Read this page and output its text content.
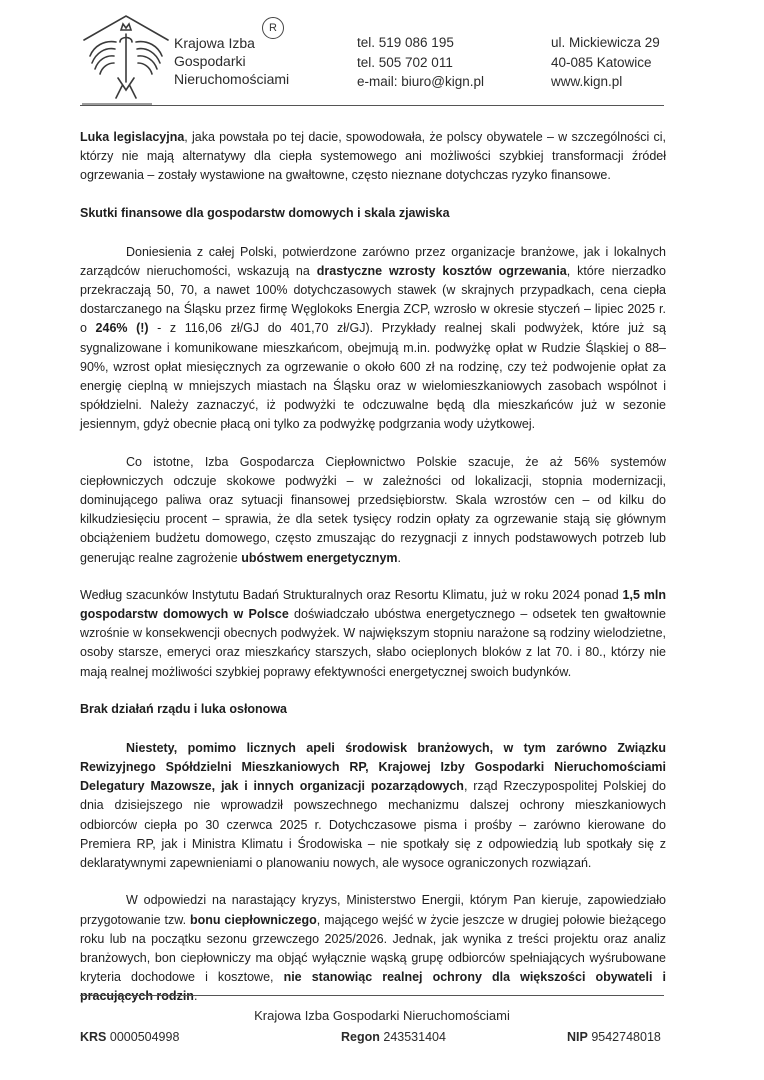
Krajowa Izba
Gospodarki
Nieruchomościami
R
tel. 519 086 195
tel. 505 702 011
e-mail: biuro@kign.pl
ul. Mickiewicza 29
40-085 Katowice
www.kign.pl

Luka legislacyjna, jaka powstała po tej dacie, spowodowała, że polscy obywatele – w szczególności ci, którzy nie mają alternatywy dla ciepła systemowego ani możliwości szybkiej transformacji źródeł ogrzewania – zostały wystawione na gwałtowne, często nieznane dotychczas ryzyko finansowe.

Skutki finansowe dla gospodarstw domowych i skala zjawiska

Doniesienia z całej Polski, potwierdzone zarówno przez organizacje branżowe, jak i lokalnych zarządców nieruchomości, wskazują na drastyczne wzrosty kosztów ogrzewania, które nierzadko przekraczają 50, 70, a nawet 100% dotychczasowych stawek (w skrajnych przypadkach, cena ciepła dostarczanego na Śląsku przez firmę Węglokoks Energia ZCP, wzrosło w okresie styczeń – lipiec 2025 r. o 246% (!) - z 116,06 zł/GJ do 401,70 zł/GJ). Przykłady realnej skali podwyżek, które już są sygnalizowane i komunikowane mieszkańcom, obejmują m.in. podwyżkę opłat w Rudzie Śląskiej o 88–90%, wzrost opłat miesięcznych za ogrzewanie o około 600 zł na rodzinę, czy też podwojenie opłat za energię cieplną w mniejszych miastach na Śląsku oraz w wielomieszkaniowych zasobach wspólnot i spółdzielni. Należy zaznaczyć, iż podwyżki te odczuwalne będą dla mieszkańców już w sezonie jesiennym, gdyż obecnie płacą oni tylko za podwyżkę podgrzania wody użytkowej.

Co istotne, Izba Gospodarcza Ciepłownictwo Polskie szacuje, że aż 56% systemów ciepłowniczych odczuje skokowe podwyżki – w zależności od lokalizacji, stopnia modernizacji, dominującego paliwa oraz sytuacji finansowej przedsiębiorstw. Skala wzrostów cen – od kilku do kilkudziesięciu procent – sprawia, że dla setek tysięcy rodzin opłaty za ogrzewanie stają się głównym obciążeniem budżetu domowego, często zmuszając do rezygnacji z innych podstawowych potrzeb lub generując realne zagrożenie ubóstwem energetycznym.

Według szacunków Instytutu Badań Strukturalnych oraz Resortu Klimatu, już w roku 2024 ponad 1,5 mln gospodarstw domowych w Polsce doświadczało ubóstwa energetycznego – odsetek ten gwałtownie wzrośnie w konsekwencji obecnych podwyżek. W największym stopniu narażone są rodziny wielodzietne, osoby starsze, emeryci oraz mieszkańcy starszych, słabo ocieplonych bloków z lat 70. i 80., którzy nie mają realnej możliwości szybkiej poprawy efektywności energetycznej swoich budynków.

Brak działań rządu i luka osłonowa

Niestety, pomimo licznych apeli środowisk branżowych, w tym zarówno Związku Rewizyjnego Spółdzielni Mieszkaniowych RP, Krajowej Izby Gospodarki Nieruchomościami Delegatury Mazowsze, jak i innych organizacji pozarządowych, rząd Rzeczypospolitej Polskiej do dnia dzisiejszego nie wprowadził powszechnego mechanizmu dalszej ochrony mieszkaniowych odbiorców ciepła po 30 czerwca 2025 r. Dotychczasowe pisma i prośby – zarówno kierowane do Premiera RP, jak i Ministra Klimatu i Środowiska – nie spotkały się z odpowiedzią lub spotkały się z deklaratywnymi zapewnieniami o planowaniu nowych, ale wysoce ograniczonych rozwiązań.

W odpowiedzi na narastający kryzys, Ministerstwo Energii, którym Pan kieruje, zapowiedziało przygotowanie tzw. bonu ciepłowniczego, mającego wejść w życie jeszcze w drugiej połowie bieżącego roku lub na początku sezonu grzewczego 2025/2026. Jednak, jak wynika z treści projektu oraz analiz branżowych, bon ciepłowniczy ma objąć wyłącznie wąską grupę odbiorców spełniających wyśrubowane kryteria dochodowe i kosztowe, nie stanowiąc realnej ochrony dla większości obywateli i pracujących rodzin.

Krajowa Izba Gospodarki Nieruchomościami
KRS 0000504998	Regon 243531404	NIP 9542748018
